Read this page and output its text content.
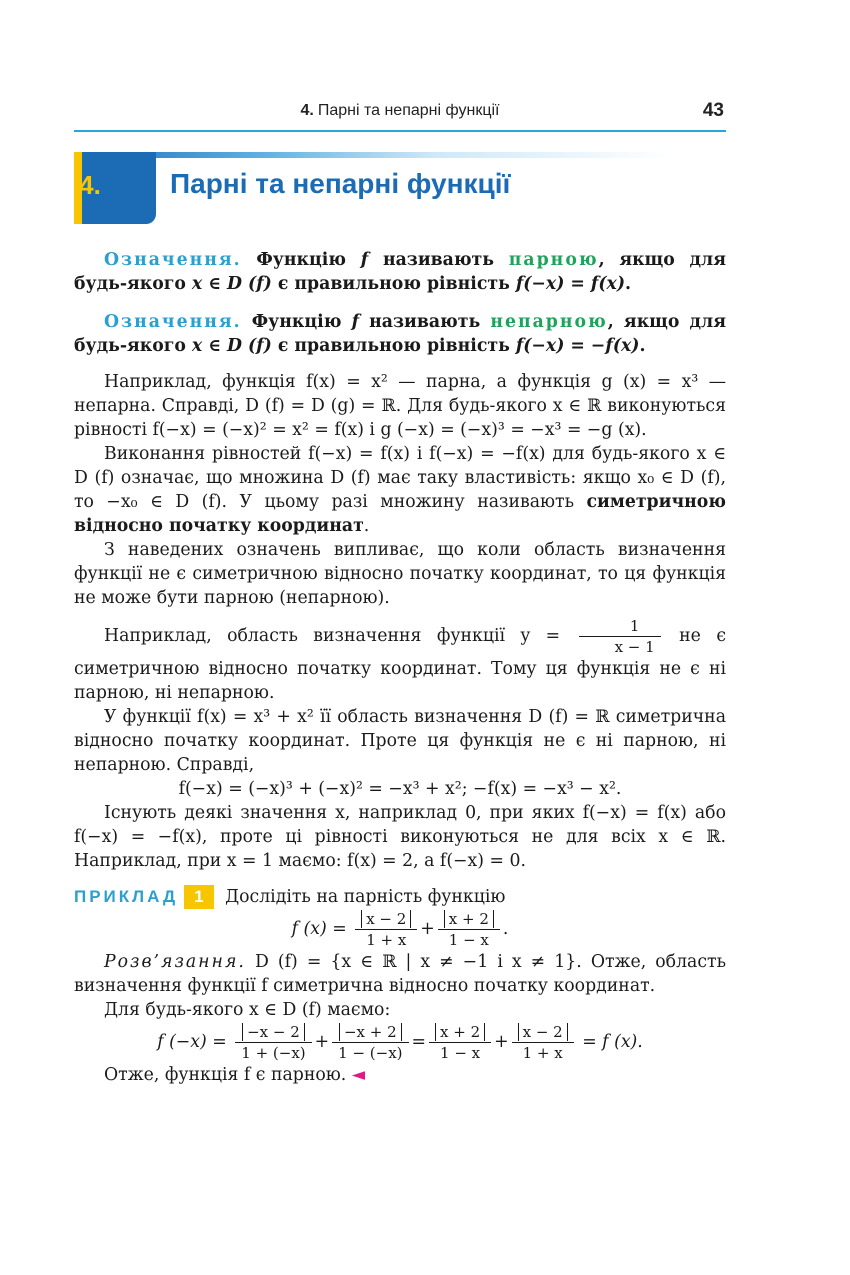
4. Парні та непарні функції	43
4.	Парні та непарні функції

Означення. Функцію f називають парною, якщо для будь-якого x ∈ D (f) є правильною рівність f(−x) = f(x).

Означення. Функцію f називають непарною, якщо для будь-якого x ∈ D (f) є правильною рівність f(−x) = −f(x).

Наприклад, функція f(x) = x² — парна, а функція g (x) = x³ — непарна. Справді, D (f) = D (g) = ℝ. Для будь-якого x ∈ ℝ виконуються рівності f(−x) = (−x)² = x² = f(x) і g (−x) = (−x)³ = −x³ = −g (x).

Виконання рівностей f(−x) = f(x) і f(−x) = −f(x) для будь-якого x ∈ D (f) означає, що множина D (f) має таку властивість: якщо x₀ ∈ D (f), то −x₀ ∈ D (f). У цьому разі множину називають симетричною відносно початку координат.

З наведених означень випливає, що коли область визначення функції не є симетричною відносно початку координат, то ця функція не може бути парною (непарною).

Наприклад, область визначення функції $y = \frac{1}{x - 1}$ не є симетричною відносно початку координат. Тому ця функція не є ні парною, ні непарною.

У функції f(x) = x³ + x² її область визначення D (f) = ℝ симетрична відносно початку координат. Проте ця функція не є ні парною, ні непарною. Справді,

f(−x) = (−x)³ + (−x)² = −x³ + x²; −f(x) = −x³ − x².

Існують деякі значення x, наприклад 0, при яких f(−x) = f(x) або f(−x) = −f(x), проте ці рівності виконуються не для всіх x ∈ ℝ. Наприклад, при x = 1 маємо: f(x) = 2, а f(−x) = 0.

ПРИКЛАД 1 Дослідіть на парність функцію

f $(x) = \frac{x - 2}{1 + x} + \frac{x + 2}{1 - x}$ .

Розв’язання. D (f) = {x ∈ ℝ | x ≠ −1 і x ≠ 1}. Отже, область визначення функції f симетрична відносно початку координат.

Для будь-якого x ∈ D (f) маємо:

f $(-x) = \frac{-x - 2}{1 + (-x)} + \frac{-x + 2}{1 - (-x)} = \frac{x + 2}{1 - x} + \frac{x - 2}{1 + x} = f$ (x).

Отже, функція f є парною. ◄
